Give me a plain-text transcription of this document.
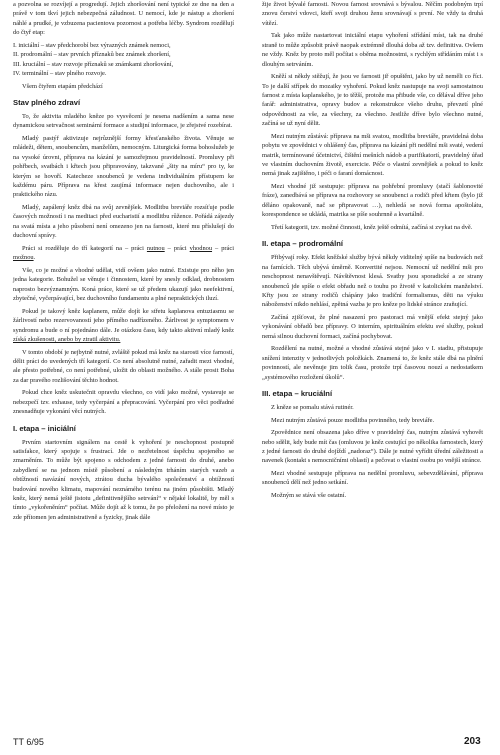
a pozvolna se rozvíjejí a progredují. Jejich zhoršování není typické ze dne na den a právě v tom tkví jejich nebezpečná záludnost. U nemocí, kde je nástup a zhoršení náhlé a prudké, je vzbuzena pacientova pozornost a potřeba léčby. Syndrom rozdělují do čtyř etap:

I. iniciální – stav předchorobí bez výrazných známek nemoci,

II. prodromální – stav prvních příznaků bez známek zhoršení,

III. kruciální – stav rozvoje příznaků se známkami zhoršování,

IV. terminální – stav plného rozvoje.

Všem čtyřem etapám předchází

Stav plného zdraví

To, že aktivita mladého kněze po vysvěcení je nesena nadšením a sama nese dynamickou setrvačnost seminární formace a studijní informace, je zřejstvé rozebírat.

Mladý pastýř aktivizuje nejrůznější formy křesťanského života. Věnuje se mládeži, dětem, snoubencům, manželům, nemocným. Liturgická forma bohoslužeb je na vysoké úrovni, příprava na kázání je samozřejmou pravidelností. Promluvy při pohřbech, svatbách i křtech jsou připravovány, takzvané „šity na míru“ pro ty, ke kterým se hovoří. Katecheze snoubenců je vedena individuálním přístupem ke každému páru. Příprava na křest zaujímá informace nejen duchovního, ale i praktického rázu.

Mladý, zapálený kněz dbá na svůj zevnějšek. Modlitbu breviáře rozsíťuje podle časových možností i na meditaci před eucharistií a modlitbu růžence. Pořádá zájezdy na svatá místa a jeho působení není omezeno jen na farnosti, které mu příslušejí do duchovní správy.

Práci si rozděluje do tří kategorií na – práci nutnou – práci vhodnou – práci možnou.

Vše, co je možné a vhodné udělat, vidí ovšem jako nutné. Existuje pro něho jen jedna kategorie. Bohužel se věnuje i činnostem, které by snesly odklad, drobnostem naprosto bezvýznamným. Koná práce, které se už předem ukazují jako neefektivní, zbytečné, vyčerpávající, bez duchovního fundamentu a plné nepraktických iluzí.

Pokud je takový kněz kaplanem, může dojít ke střetu kaplanova entuziasmu se žárlivostí nebo rezervovaností jeho přímého nadřízeného. Žárlivost je symptomem v syndromu a bude o ní pojednáno dále. Je otázkou času, kdy takto aktivní mladý kněz získá zkušenosti, anebo by ztratil aktivitu.

V tomto období je nejbytně nutné, zvláště pokud má kněz na starosti více farností, dělit práci do uvedených tří kategorií. Co není absolutně nutné, zařadit mezi vhodné, ale přesto potřebné, co není potřebné, uložit do oblasti možného. A stále prosit Boha za dar pravého rozlišování těchto hodnot.

Pokud chce kněz uskutečnit opravdu všechno, co vidí jako možné, vystavuje se nebezpečí tzv. exhause, tedy vyčerpání a přepracování. Vyčerpání pro věci podřadné znesnadňuje vykonání věcí nutných.

I. etapa – iniciální

Prvním startovním signálem na cestě k vyhoření je neschopnost postupně satisfakce, který spojuje s frustrací. Jde o nezřetelnost úspěchu spojeného se zmarněním. To může být spojeno s odchodem z jedné farnosti do druhé, anebo zabydlení se na jednom místě působení a následným trháním starých vazeb a obtížností navázání nových, ztrátou ducha bývalého společenství a obtížností budování nového klimatu, mapování neznámého terénu na jiném působišti. Mladý kněz, který nemá ještě jistotu „definitivnějšího setrvání“ v nějaké lokalitě, by měl s tímto „vykořeněním“ počítat. Může dojít až k tomu, že po přeložení na nové místo je zde přítomen jen administrativně a fyzicky, jinak dále

žije život bývalé farnosti. Novou farnost srovnává s bývalou. Něčím podobným trpí znovu čerství vdovci, kteří svoji druhou ženu srovnávají s první. Ne vždy ta druhá vítězí.

Tak jako může nastartovat iniciální etapu vyhoření střídání míst, tak na druhé straně to může způsobit právě naopak extrémně dlouhá doba až tzv. definitiva. Ovšem ne vždy. Kněz by proto měl počítat s oběma možnostmi, s rychlým střídáním míst i s dlouhým setrváním.

Kněží si někdy stěžují, že jsou ve farnosti jiř opuštěni, jako by už neměli co říci. To je další střípek do mozaiky vyhoření. Pokud kněz nastupuje na svoji samostatnou farnost z místa kaplanského, je to těžší, protože ma přibude vše, co dělával dříve jeho farář: administrativa, opravy budov a rekonstrukce všeho druhu, převzetí plné odpovědnosti za vše, za všechny, za všechno. Jestliže dříve bylo všechno nutné, začíná se už nyní dělit.

Mezi nutným zůstává: příprava na mši svatou, modlitba breviáře, pravidelná doba pobytu ve zpovědnici v ohlášený čas, příprava na kázání při nedělní mši svaté, vedení matrik, termínované účetnictví, čištění mešních nádob a purifikatorií, pravidelný úřad ve vlastním duchovním životě, exercicie. Péče o vlastní zevnějšek a pokud to kněz nemá jinak zajištěno, i péči o faraní domácnost.

Mezi vhodné již sestupuje: příprava na pohřební promluvy (stačí šablonovité fráze), zanedbává se příprava na rozhovory se snoubenci a rodiči před křtem (bylo již děláno opakovaně, nač se připravovat …), nehledá se nová forma apoštolátu, korespondence se ukládá, matrika se píše souhrnně a kvartálně.

Třetí kategorii, tzv. možné činnosti, kněz ještě odmítá, začíná si zvykat na dvě.

II. etapa – prodromální

Přibývají roky. Efekt kněžské služby bývá někdy viditelný spíše na budovách než na farnících. Těch ubývá úměrně. Konvertité nejsou. Nemocní už nedělní mši pro neschopnost nenavštěvují. Návštěvnost klesá. Svatby jsou sporadické a ze strany snoubenců jde spíše o efekt obřadu než o touhu po životě v katolickém manželství. Křty jsou ze strany rodičů chápány jako tradiční formalismus, děti na výuku náboženství nikdo nehlásí, zpětná vazba je pro kněze po lidské stránce zraňující.

Začíná zjišťovat, že plné nasazení pro pastoraci má vnější efekt stejný jako vykonávání obřadů bez přípravy. O interním, spirituálním efektu své služby, pokud nemá silnou duchovní formaci, začíná pochybovat.

Rozdělení na nutné, možné a vhodné zůstává stejné jako v I. stadiu, přistupuje snížení intenzity v jednotlivých položkách. Znamená to, že kněz stále dbá na plnění povinností, ale nevěnuje jim tolik času, protože trpí časovou nouzí a nedostatkem „systémového rozložení úkolů“.

III. etapa – kruciální

Z kněze se pomalu stává rutinér.

Mezi nutným zůstává pouze modlitba povinného, tedy breviáře.

Zpovědnice není obsazena jako dříve v pravidelný čas, nutným zůstává vyhovět nebo sdělit, kdy bude mít čas (omluvou je kněz cestující po několika farnostech, který z jedné farnosti do druhé dojíždí „nadoraz“). Dále je nutné vyřídit úřední záležitosti a navenek (kontakt s nemocničními oblastí) a pečovat o vlastní osobu po vnější stránce.

Mezi vhodné sestupuje příprava na nedělní promluvu, sebevzdělávání, příprava snoubenců dělí než jedno setkání.

Možným se stává vše ostatní.

TT 6/95	203
